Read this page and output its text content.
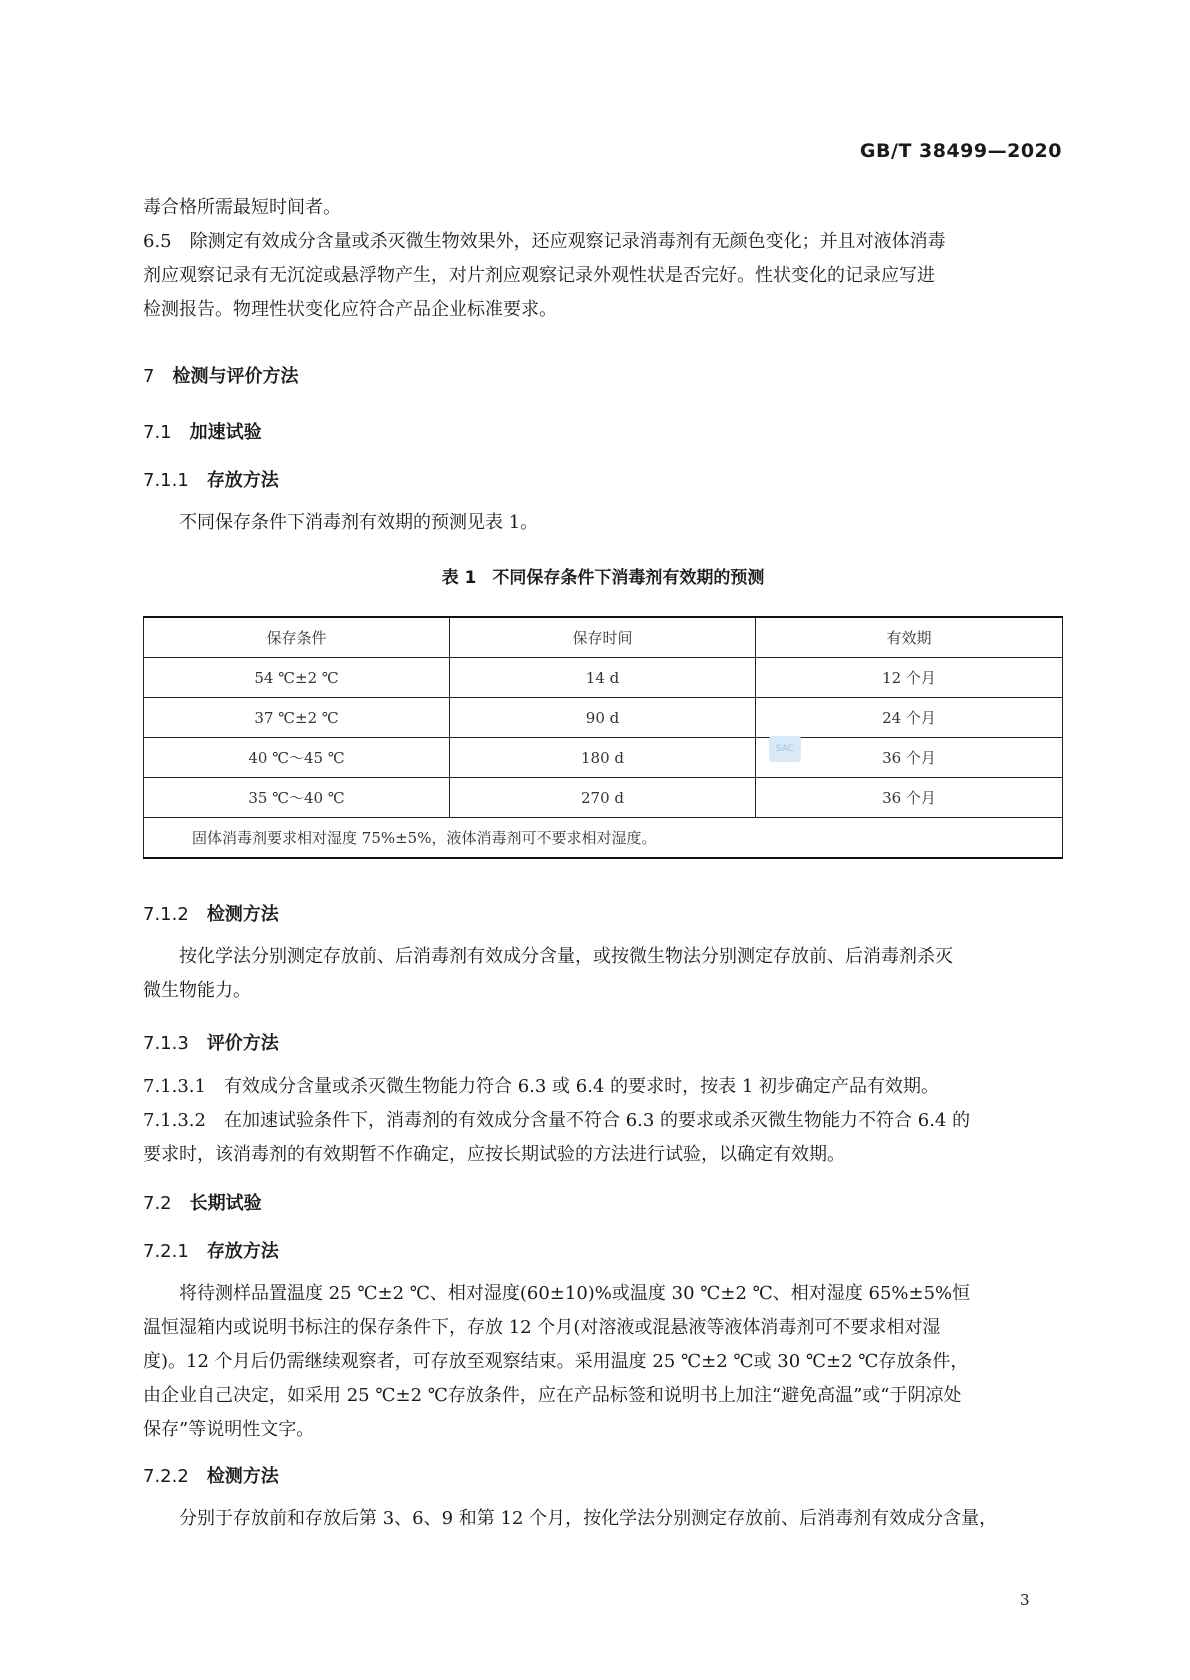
GB/T 38499—2020

毒合格所需最短时间者。

6.5　除测定有效成分含量或杀灭微生物效果外，还应观察记录消毒剂有无颜色变化；并且对液体消毒

剂应观察记录有无沉淀或悬浮物产生，对片剂应观察记录外观性状是否完好。性状变化的记录应写进

检测报告。物理性状变化应符合产品企业标准要求。

7 检测与评价方法
7.1 加速试验
7.1.1 存放方法

不同保存条件下消毒剂有效期的预测见表 1。

表 1 不同保存条件下消毒剂有效期的预测
保存条件	保存时间	有效期
54 ℃±2 ℃	14 d	12 个月
37 ℃±2 ℃	90 d	24 个月
40 ℃～45 ℃	180 d	36 个月
35 ℃～40 ℃	270 d	36 个月
固体消毒剂要求相对湿度 75%±5%，液体消毒剂可不要求相对湿度。		
SAC
7.1.2 检测方法

按化学法分别测定存放前、后消毒剂有效成分含量，或按微生物法分别测定存放前、后消毒剂杀灭

微生物能力。

7.1.3 评价方法

7.1.3.1　有效成分含量或杀灭微生物能力符合 6.3 或 6.4 的要求时，按表 1 初步确定产品有效期。

7.1.3.2　在加速试验条件下，消毒剂的有效成分含量不符合 6.3 的要求或杀灭微生物能力不符合 6.4 的

要求时，该消毒剂的有效期暂不作确定，应按长期试验的方法进行试验，以确定有效期。

7.2 长期试验
7.2.1 存放方法

将待测样品置温度 25 ℃±2 ℃、相对湿度(60±10)%或温度 30 ℃±2 ℃、相对湿度 65%±5%恒

温恒湿箱内或说明书标注的保存条件下，存放 12 个月(对溶液或混悬液等液体消毒剂可不要求相对湿

度)。12 个月后仍需继续观察者，可存放至观察结束。采用温度 25 ℃±2 ℃或 30 ℃±2 ℃存放条件，

由企业自己决定，如采用 25 ℃±2 ℃存放条件，应在产品标签和说明书上加注“避免高温”或“于阴凉处

保存”等说明性文字。

7.2.2 检测方法

分别于存放前和存放后第 3、6、9 和第 12 个月，按化学法分别测定存放前、后消毒剂有效成分含量，

3
